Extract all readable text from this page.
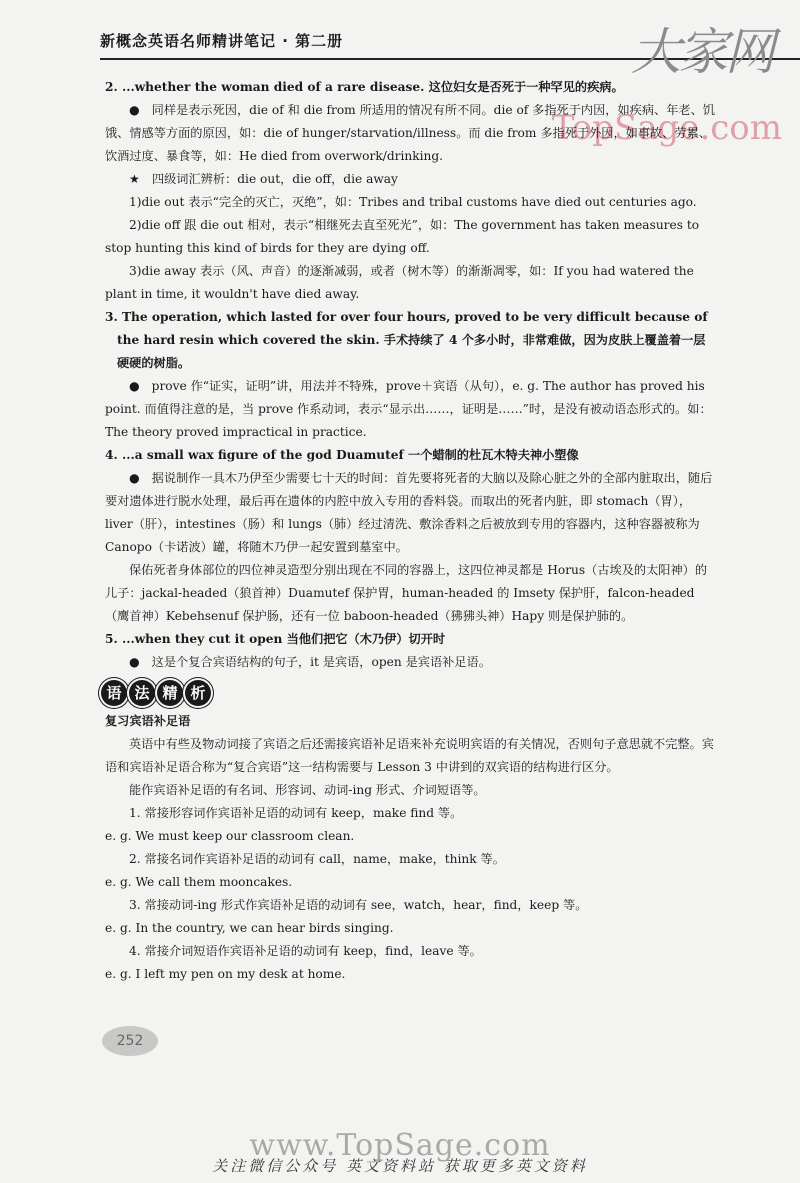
新概念英语名师精讲笔记 · 第二册	大家网
TopSage.com

2. ...whether the woman died of a rare disease. 这位妇女是否死于一种罕见的疾病。

● 同样是表示死因，die of 和 die from 所适用的情况有所不同。die of 多指死于内因，如疾病、年老、饥饿、情感等方面的原因，如：die of hunger/starvation/illness。而 die from 多指死于外因，如事故、劳累、饮酒过度、暴食等，如：He died from overwork/drinking.

★ 四级词汇辨析：die out，die off，die away

1)die out 表示“完全的灭亡，灭绝”，如：Tribes and tribal customs have died out centuries ago.

2)die off 跟 die out 相对，表示“相继死去直至死光”，如：The government has taken measures to stop hunting this kind of birds for they are dying off.

3)die away 表示（风、声音）的逐渐减弱，或者（树木等）的渐渐凋零，如：If you had watered the plant in time, it wouldn't have died away.

3. The operation, which lasted for over four hours, proved to be very difficult because of the hard resin which covered the skin. 手术持续了 4 个多小时，非常难做，因为皮肤上覆盖着一层硬硬的树脂。

● prove 作“证实，证明”讲，用法并不特殊，prove＋宾语（从句），e. g. The author has proved his point. 而值得注意的是，当 prove 作系动词，表示“显示出……，证明是……”时，是没有被动语态形式的。如：The theory proved impractical in practice.

4. ...a small wax figure of the god Duamutef 一个蜡制的杜瓦木特夫神小塑像

● 据说制作一具木乃伊至少需要七十天的时间：首先要将死者的大脑以及除心脏之外的全部内脏取出，随后要对遗体进行脱水处理，最后再在遗体的内腔中放入专用的香料袋。而取出的死者内脏，即 stomach（胃），liver（肝），intestines（肠）和 lungs（肺）经过清洗、敷涂香料之后被放到专用的容器内，这种容器被称为 Canopo（卡诺波）罐，将随木乃伊一起安置到墓室中。

保佑死者身体部位的四位神灵造型分别出现在不同的容器上，这四位神灵都是 Horus（古埃及的太阳神）的儿子：jackal-headed（狼首神）Duamutef 保护胃，human-headed 的 Imsety 保护肝，falcon-headed（鹰首神）Kebehsenuf 保护肠，还有一位 baboon-headed（狒狒头神）Hapy 则是保护肺的。

5. ...when they cut it open 当他们把它（木乃伊）切开时

● 这是个复合宾语结构的句子，it 是宾语，open 是宾语补足语。

语 法 精 析

复习宾语补足语

英语中有些及物动词接了宾语之后还需接宾语补足语来补充说明宾语的有关情况，否则句子意思就不完整。宾语和宾语补足语合称为“复合宾语”这一结构需要与 Lesson 3 中讲到的双宾语的结构进行区分。

能作宾语补足语的有名词、形容词、动词-ing 形式、介词短语等。

1. 常接形容词作宾语补足语的动词有 keep，make find 等。

e. g. We must keep our classroom clean.

2. 常接名词作宾语补足语的动词有 call，name，make，think 等。

e. g. We call them mooncakes.

3. 常接动词-ing 形式作宾语补足语的动词有 see，watch，hear，find，keep 等。

e. g. In the country, we can hear birds singing.

4. 常接介词短语作宾语补足语的动词有 keep，find，leave 等。

e. g. I left my pen on my desk at home.

252
www.TopSage.com
关注微信公众号 英文资料站 获取更多英文资料
